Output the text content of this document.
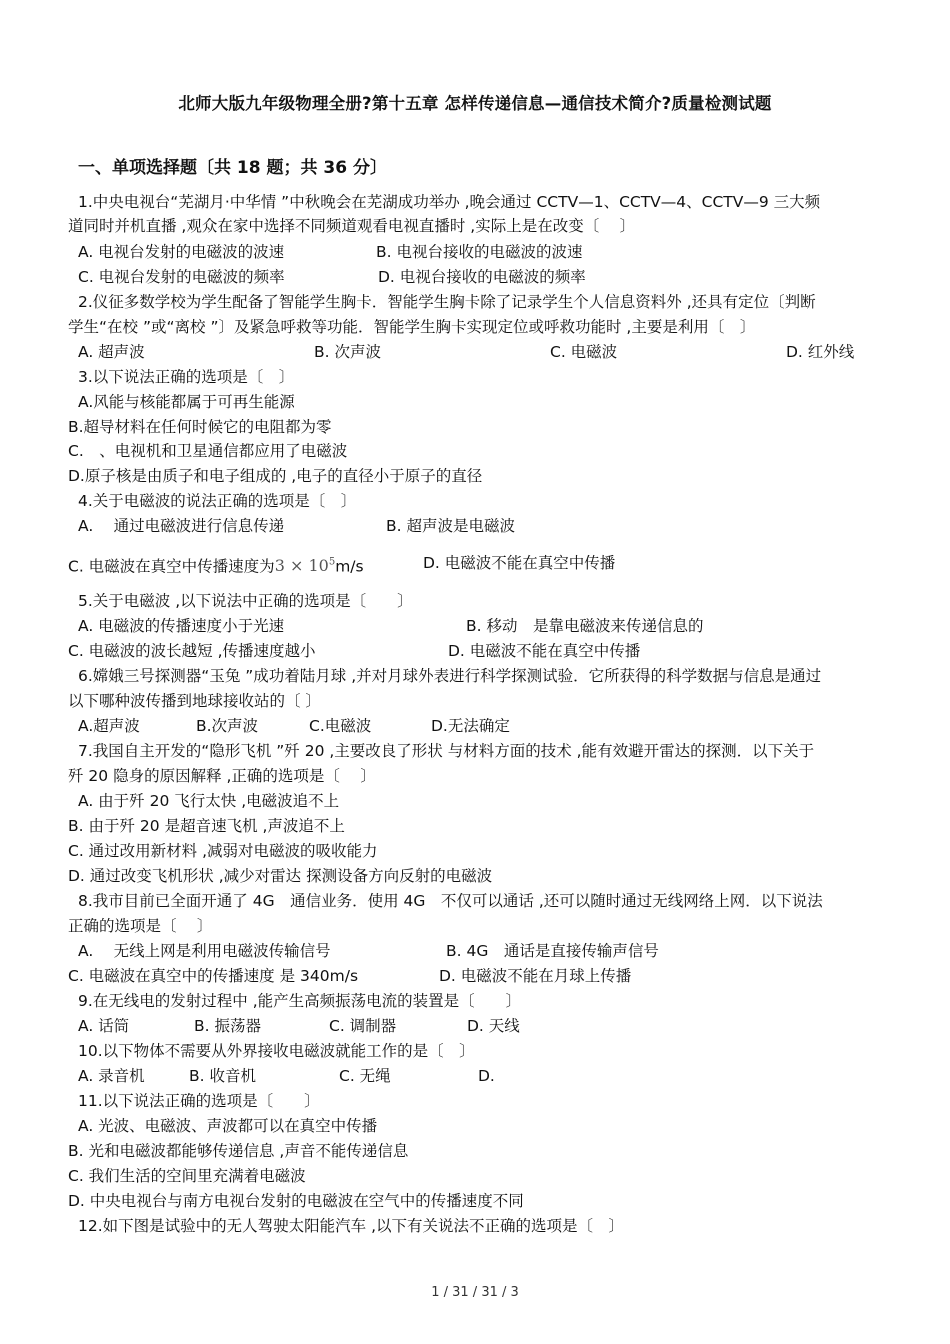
北师大版九年级物理全册?第十五章 怎样传递信息—通信技术简介?质量检测试题
一、单项选择题〔共 18 题；共 36 分〕
1.中央电视台“芜湖月·中华情 ”中秋晚会在芜湖成功举办 ,晚会通过 CCTV—1、CCTV—4、CCTV—9 三大频
道同时并机直播 ,观众在家中选择不同频道观看电视直播时 ,实际上是在改变〔　 〕
A. 电视台发射的电磁波的波速	B. 电视台接收的电磁波的波速
C. 电视台发射的电磁波的频率	D. 电视台接收的电磁波的频率
2.仪征多数学校为学生配备了智能学生胸卡．智能学生胸卡除了记录学生个人信息资料外 ,还具有定位〔判断
学生“在校 ”或“离校 ”〕及紧急呼救等功能．智能学生胸卡实现定位或呼救功能时 ,主要是利用〔　〕
A. 超声波	B. 次声波	C. 电磁波	D. 红外线
3.以下说法正确的选项是〔　〕
A.风能与核能都属于可再生能源
B.超导材料在任何时候它的电阻都为零
C.　、电视机和卫星通信都应用了电磁波
D.原子核是由质子和电子组成的 ,电子的直径小于原子的直径
4.关于电磁波的说法正确的选项是〔　〕
A.　 通过电磁波进行信息传递	B. 超声波是电磁波
C. 电磁波在真空中传播速度为$3 \times 10^5m/s$	D. 电磁波不能在真空中传播
5.关于电磁波 ,以下说法中正确的选项是〔　　〕
A. 电磁波的传播速度小于光速	B. 移动　是靠电磁波来传递信息的
C. 电磁波的波长越短 ,传播速度越小	D. 电磁波不能在真空中传播
6.嫦娥三号探测器“玉兔 ”成功着陆月球 ,并对月球外表进行科学探测试验．它所获得的科学数据与信息是通过
以下哪种波传播到地球接收站的〔 〕
A.超声波	B.次声波	C.电磁波	D.无法确定
7.我国自主开发的“隐形飞机 ”歼 20 ,主要改良了形状 与材料方面的技术 ,能有效避开雷达的探测．以下关于
歼 20 隐身的原因解释 ,正确的选项是〔　 〕
A. 由于歼 20 飞行太快 ,电磁波追不上
B. 由于歼 20 是超音速飞机 ,声波追不上
C. 通过改用新材料 ,减弱对电磁波的吸收能力
D. 通过改变飞机形状 ,减少对雷达 探测设备方向反射的电磁波
8.我市目前已全面开通了 4G　通信业务．使用 4G　不仅可以通话 ,还可以随时通过无线网络上网．以下说法
正确的选项是〔　 〕
A.　 无线上网是利用电磁波传输信号	B. 4G　通话是直接传输声信号
C. 电磁波在真空中的传播速度 是 340m/s	D. 电磁波不能在月球上传播
9.在无线电的发射过程中 ,能产生高频振荡电流的装置是〔　　〕
A. 话筒	B. 振荡器	C. 调制器	D. 天线
10.以下物体不需要从外界接收电磁波就能工作的是〔　〕
A. 录音机	B. 收音机	C. 无绳	D.
11.以下说法正确的选项是〔　　〕
A. 光波、电磁波、声波都可以在真空中传播
B. 光和电磁波都能够传递信息 ,声音不能传递信息
C. 我们生活的空间里充满着电磁波
D. 中央电视台与南方电视台发射的电磁波在空气中的传播速度不同
12.如下图是试验中的无人驾驶太阳能汽车 ,以下有关说法不正确的选项是〔　〕
1 / 31 / 31 / 3
